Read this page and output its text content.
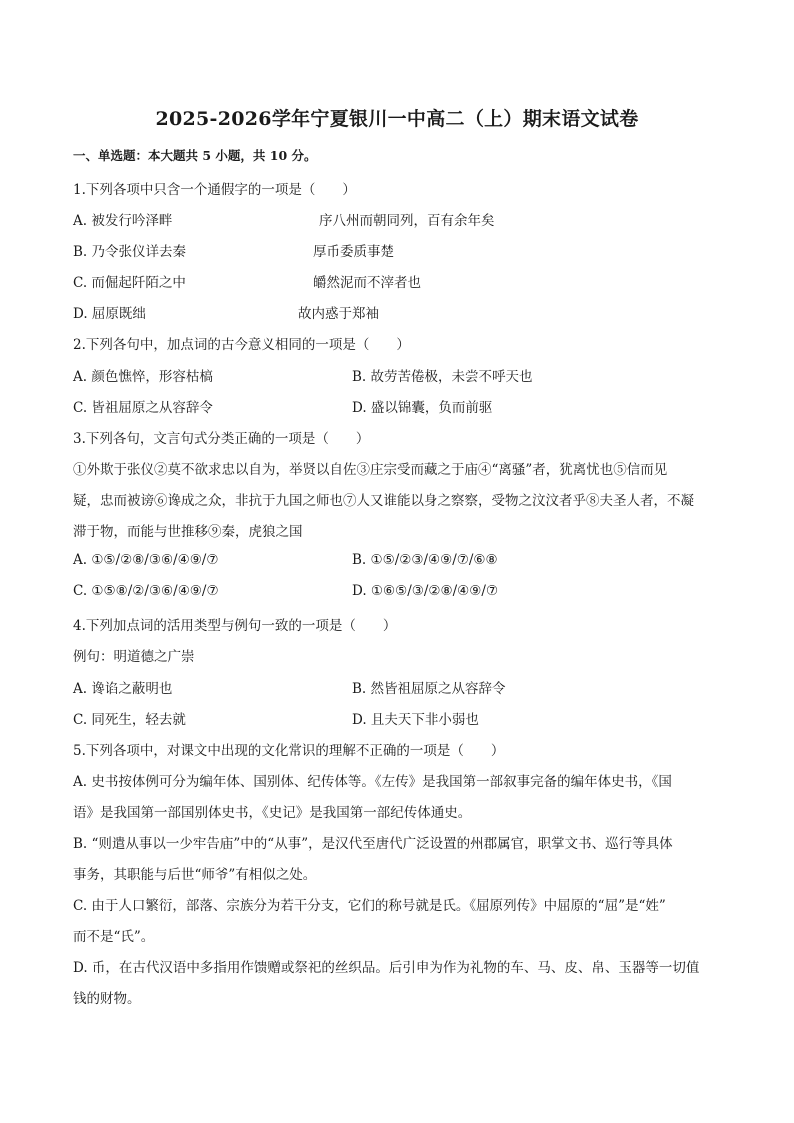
2025-2026学年宁夏银川一中高二（上）期末语文试卷
一、单选题：本大题共 5 小题，共 10 分。
1.下列各项中只含一个通假字的一项是（　　）
A. 被发行吟泽畔	序八州而朝同列，百有余年矣
B. 乃令张仪详去秦	厚币委质事楚
C. 而倔起阡陌之中	皭然泥而不滓者也
D. 屈原既绌	故内惑于郑袖
2.下列各句中，加点词的古今意义相同的一项是（　　）
A. 颜色憔悴，形容枯槁	B. 故劳苦倦极，未尝不呼天也
C. 皆祖屈原之从容辞令	D. 盛以锦囊，负而前驱
3.下列各句，文言句式分类正确的一项是（　　）
①外欺于张仪②莫不欲求忠以自为，举贤以自佐③庄宗受而藏之于庙④“离骚”者，犹离忧也⑤信而见
疑，忠而被谤⑥谗成之众，非抗于九国之师也⑦人又谁能以身之察察，受物之汶汶者乎⑧夫圣人者，不凝
滞于物，而能与世推移⑨秦，虎狼之国
A. ①⑤/②⑧/③⑥/④⑨/⑦	B. ①⑤/②③/④⑨/⑦/⑥⑧
C. ①⑤⑧/②/③⑥/④⑨/⑦	D. ①⑥⑤/③/②⑧/④⑨/⑦
4.下列加点词的活用类型与例句一致的一项是（　　）
例句：明道德之广崇
A. 谗谄之蔽明也	B. 然皆祖屈原之从容辞令
C. 同死生，轻去就	D. 且夫天下非小弱也
5.下列各项中，对课文中出现的文化常识的理解不正确的一项是（　　）
A. 史书按体例可分为编年体、国别体、纪传体等。《左传》是我国第一部叙事完备的编年体史书，《国
语》是我国第一部国别体史书，《史记》是我国第一部纪传体通史。
B. “则遣从事以一少牢告庙”中的“从事”，是汉代至唐代广泛设置的州郡属官，职掌文书、巡行等具体
事务，其职能与后世“师爷”有相似之处。
C. 由于人口繁衍，部落、宗族分为若干分支，它们的称号就是氏。《屈原列传》中屈原的“屈”是“姓”
而不是“氏”。
D. 币，在古代汉语中多指用作馈赠或祭祀的丝织品。后引申为作为礼物的车、马、皮、帛、玉器等一切值
钱的财物。
